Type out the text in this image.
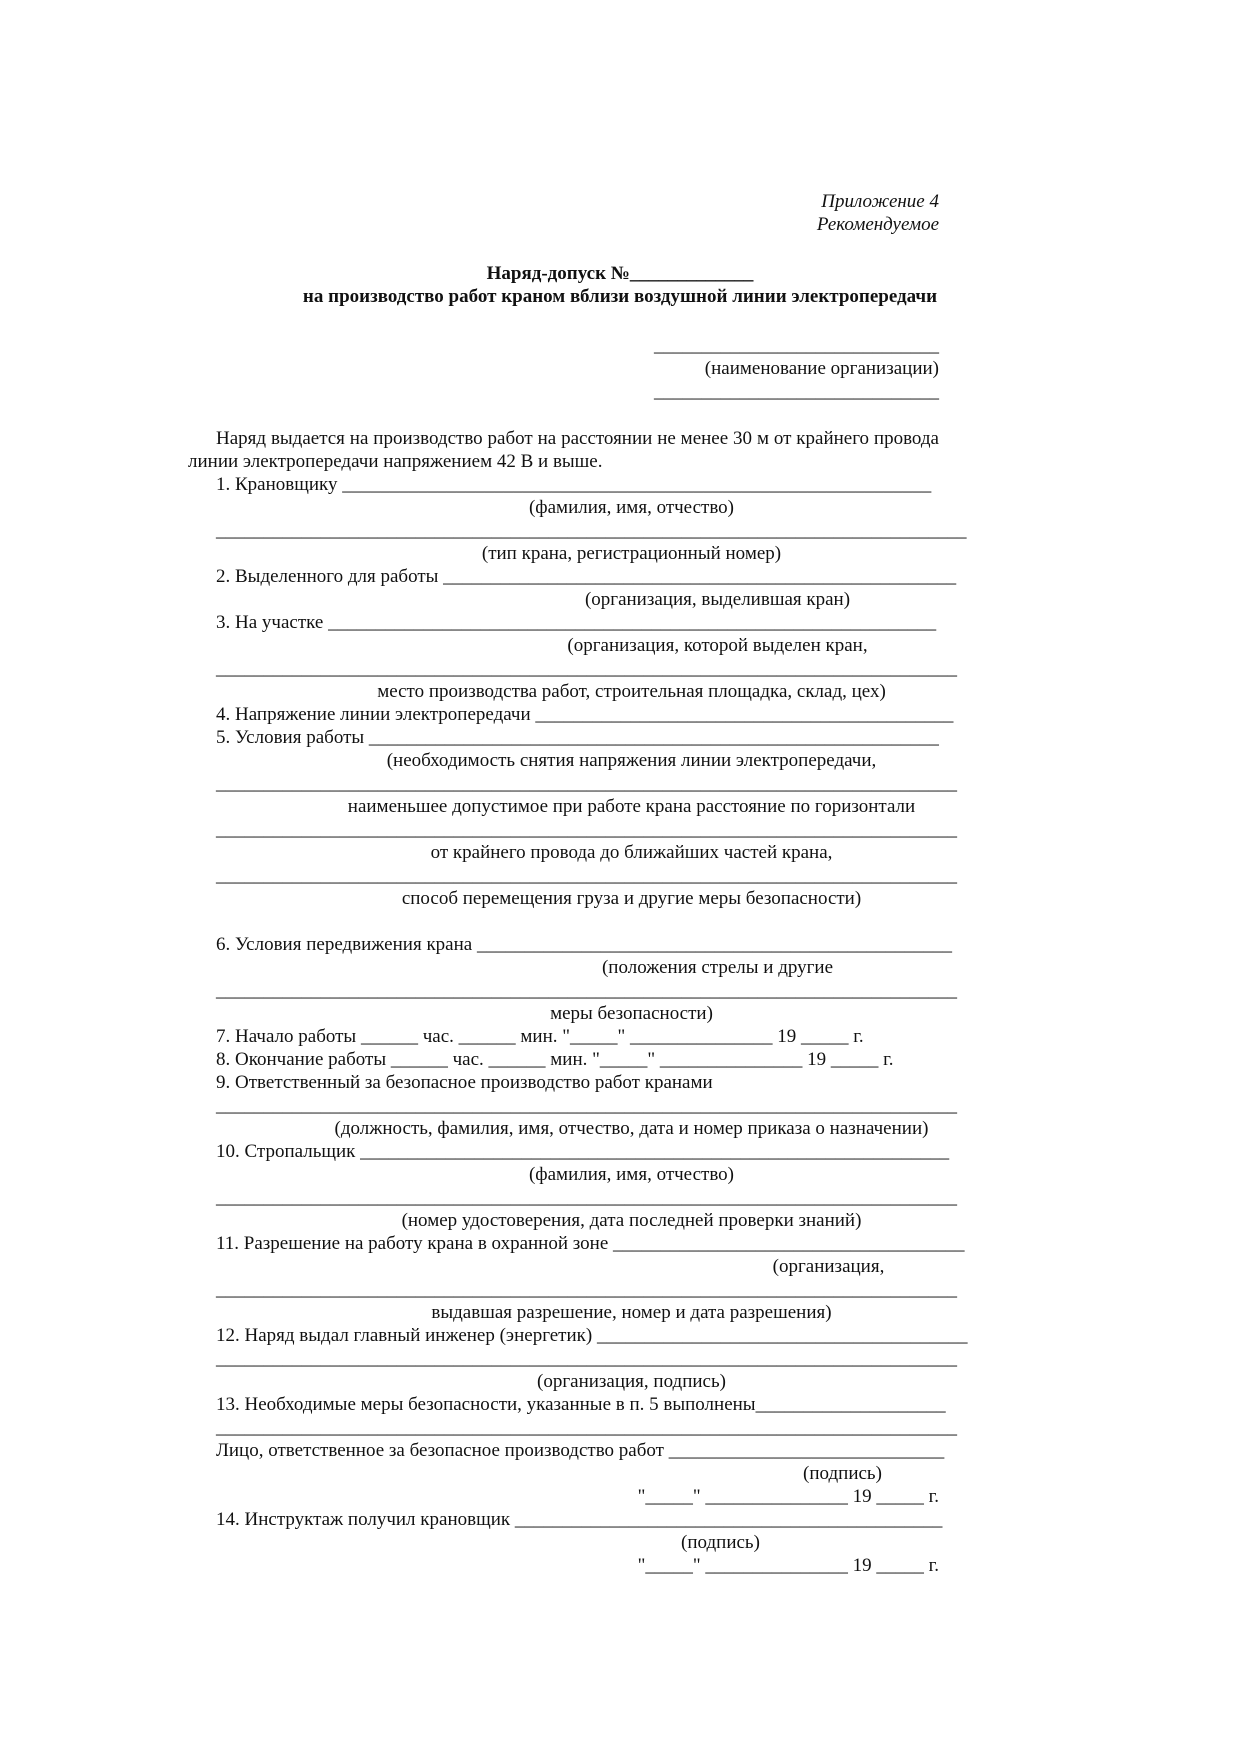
Приложение 4
Рекомендуемое
Наряд-допуск №_____________
на производство работ краном вблизи воздушной линии электропередачи
______________________________
(наименование организации)
______________________________
Наряд выдается на производство работ на расстоянии не менее 30 м от крайнего провода
линии электропередачи напряжением 42 В и выше.
1. Крановщику ______________________________________________________________
(фамилия, имя, отчество)
_______________________________________________________________________________
(тип крана, регистрационный номер)
2. Выделенного для работы ______________________________________________________
(организация, выделившая кран)
3. На участке ________________________________________________________________
(организация, которой выделен кран,
______________________________________________________________________________
место производства работ, строительная площадка, склад, цех)
4. Напряжение линии электропередачи ____________________________________________
5. Условия работы ____________________________________________________________
(необходимость снятия напряжения линии электропередачи,
______________________________________________________________________________
наименьшее допустимое при работе крана расстояние по горизонтали
______________________________________________________________________________
от крайнего провода до ближайших частей крана,
______________________________________________________________________________
способ перемещения груза и другие меры безопасности)
6. Условия передвижения крана __________________________________________________
(положения стрелы и другие
______________________________________________________________________________
меры безопасности)
7. Начало работы ______ час. ______ мин. "_____" _______________ 19 _____ г.
8. Окончание работы ______ час. ______ мин. "_____" _______________ 19 _____ г.
9. Ответственный за безопасное производство работ кранами
______________________________________________________________________________
(должность, фамилия, имя, отчество, дата и номер приказа о назначении)
10. Стропальщик ______________________________________________________________
(фамилия, имя, отчество)
______________________________________________________________________________
(номер удостоверения, дата последней проверки знаний)
11. Разрешение на работу крана в охранной зоне _____________________________________
(организация,
______________________________________________________________________________
выдавшая разрешение, номер и дата разрешения)
12. Наряд выдал главный инженер (энергетик) _______________________________________
______________________________________________________________________________
(организация, подпись)
13. Необходимые меры безопасности, указанные в п. 5 выполнены____________________
______________________________________________________________________________
Лицо, ответственное за безопасное производство работ _____________________________
(подпись)
"_____" _______________ 19 _____ г.
14. Инструктаж получил крановщик _____________________________________________
(подпись)
"_____" _______________ 19 _____ г.
